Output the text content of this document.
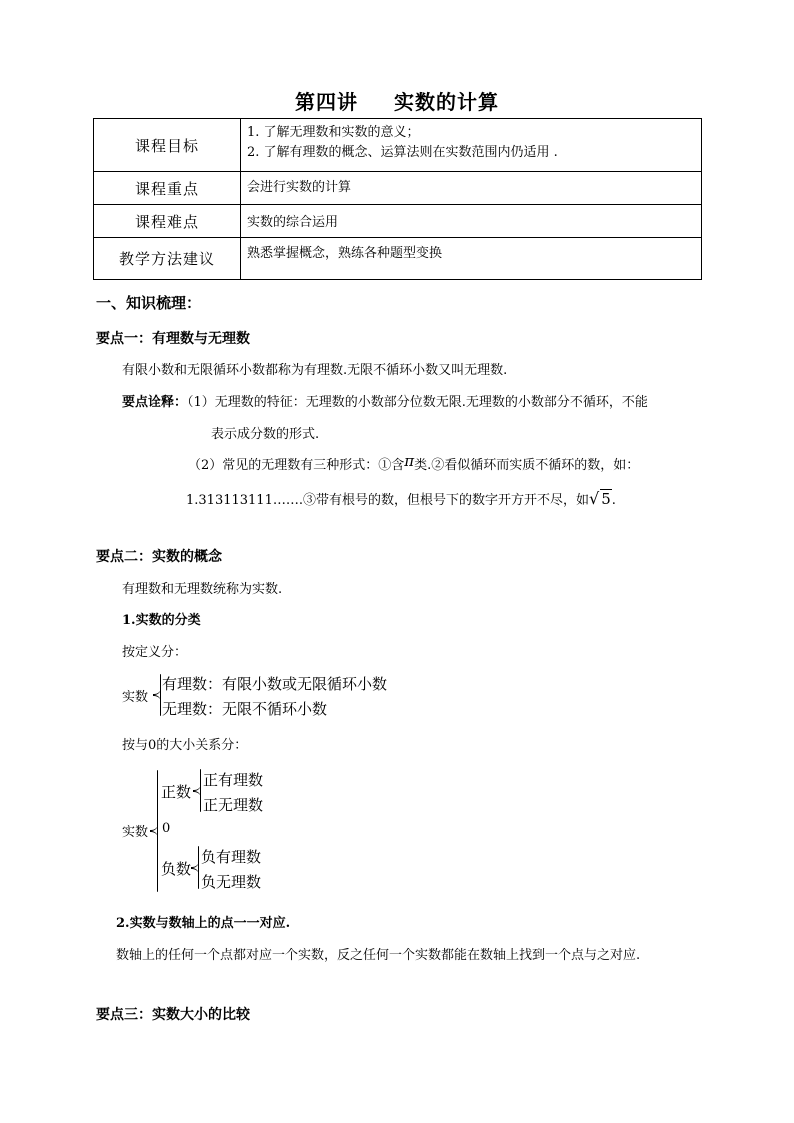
第四讲 实数的计算
课程目标	1. 了解无理数和实数的意义；
2. 了解有理数的概念、运算法则在实数范围内仍适用 .

课程重点	会进行实数的计算
课程难点	实数的综合运用
教学方法建议	熟悉掌握概念，熟练各种题型变换
一、知识梳理：
要点一：有理数与无理数
有限小数和无限循环小数都称为有理数.无限不循环小数又叫无理数.
要点诠释：（1）无理数的特征：无理数的小数部分位数无限.无理数的小数部分不循环，不能
表示成分数的形式.
（2）常见的无理数有三种形式：①含π类.②看似循环而实质不循环的数，如：
1.313113111…….③带有根号的数，但根号下的数字开方开不尽，如√ 5.
要点二：实数的概念
有理数和无理数统称为实数.
1.实数的分类
按定义分：
实数
有理数：有限小数或无限循环小数
无理数：无限不循环小数
按与0的大小关系分：
实数
正数
正有理数
正无理数
0
负数
负有理数
负无理数
2.实数与数轴上的点一一对应.
数轴上的任何一个点都对应一个实数，反之任何一个实数都能在数轴上找到一个点与之对应.
要点三：实数大小的比较
